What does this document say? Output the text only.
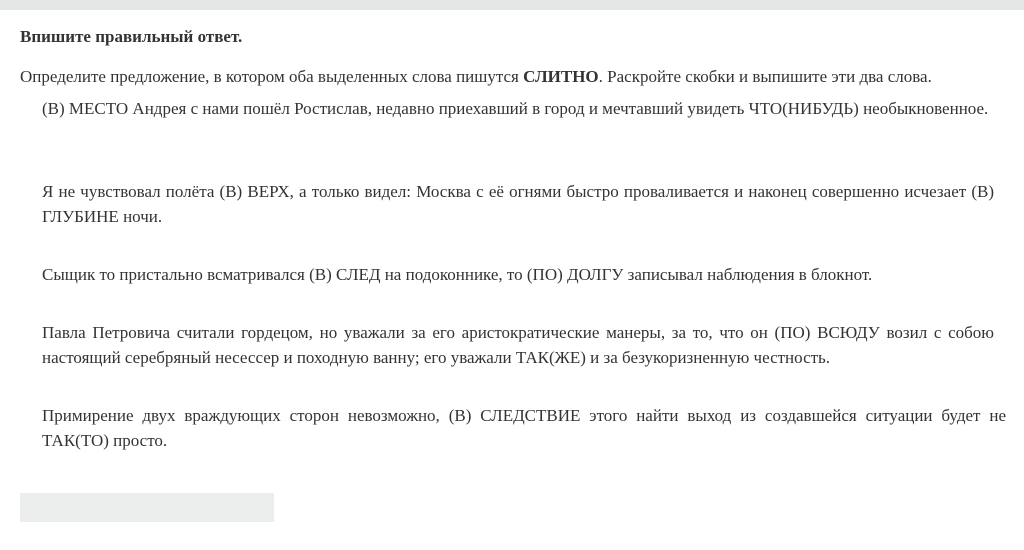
Впишите правильный ответ.
Определите предложение, в котором оба выделенных слова пишутся СЛИТНО. Раскройте скобки и выпишите эти два слова.

(В) МЕСТО Андрея с нами пошёл Ростислав, недавно приехавший в город и мечтавший увидеть ЧТО(НИБУДЬ) необыкновенное.

Я не чувствовал полёта (В) ВЕРХ, а только видел: Москва с её огнями быстро проваливается и наконец совершенно исчезает (В) ГЛУБИНЕ ночи.

Сыщик то пристально всматривался (В) СЛЕД на подоконнике, то (ПО) ДОЛГУ записывал наблюдения в блокнот.

Павла Петровича считали гордецом, но уважали за его аристократические манеры, за то, что он (ПО) ВСЮДУ возил с собою настоящий серебряный несессер и походную ванну; его уважали ТАК(ЖЕ) и за безукоризненную честность.

Примирение двух враждующих сторон невозможно, (В) СЛЕДСТВИЕ этого найти выход из создавшейся ситуации будет не ТАК(ТО) просто.
